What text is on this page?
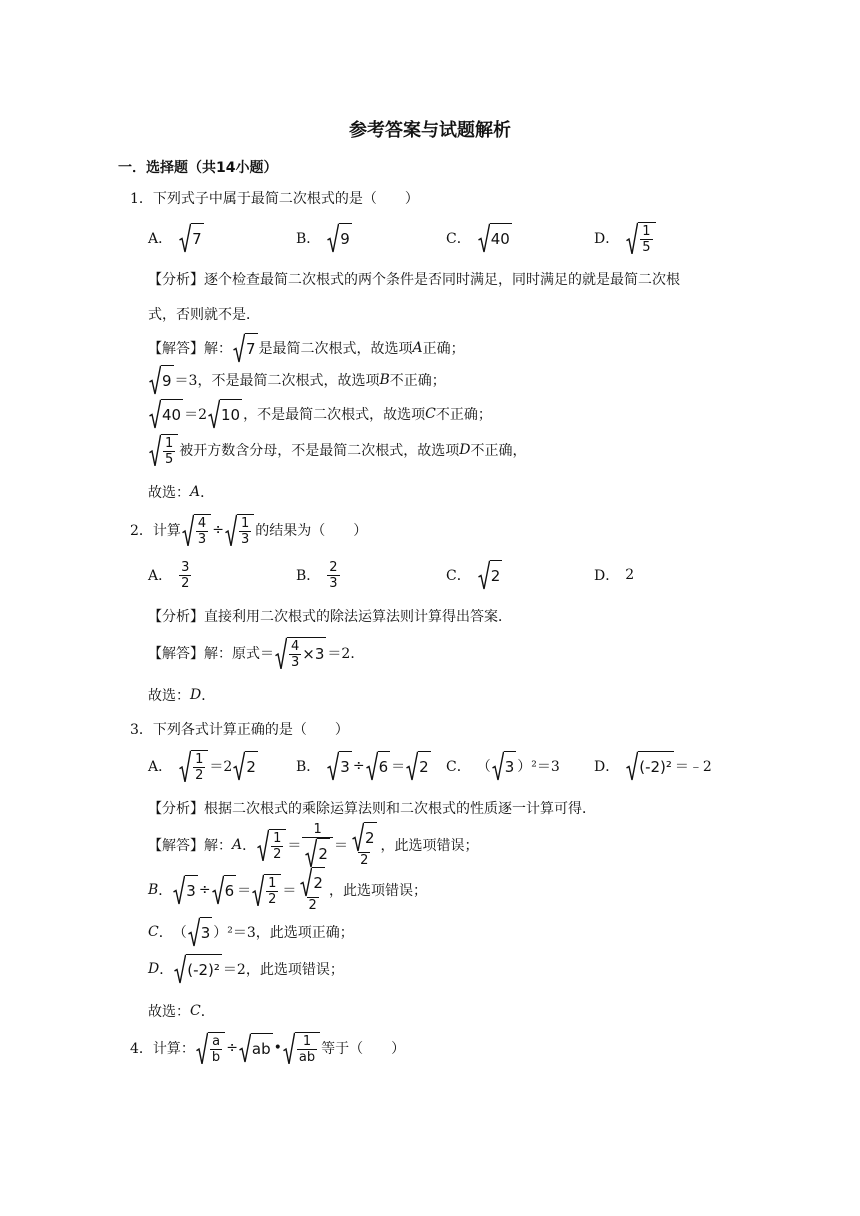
参考答案与试题解析
一．选择题（共14小题）
1．下列式子中属于最简二次根式的是（　　）
A． 7	B． 9	C． 40	D． 1
5
【分析】逐个检查最简二次根式的两个条件是否同时满足，同时满足的就是最简二次根
式，否则就不是．
【解答】解： 7 是最简二次根式，故选项 A 正确；
9 ＝3，不是最简二次根式，故选项 B 不正确；
40 ＝2 10 ，不是最简二次根式，故选项 C 不正确；
1
5 被开方数含分母，不是最简二次根式，故选项 D 不正确，
故选： A ．
2．计算 4
3
÷ 1
3 的结果为（　　）
A．
3
2	B．
2
3	C． 2	D． 2
【分析】直接利用二次根式的除法运算法则计算得出答案．
【解答】解：原式＝ $\frac{4}{3} \times 3 =2$．
故选： D ．
3．下列各式计算正确的是（　　）
A． 1
2 ＝2 2	B． 3 ÷ 6 ＝ 2 C． （ 3 ） ²＝3 D． (-2)² ＝﹣2
【分析】根据二次根式的乘除运算法则和二次根式的性质逐一计算可得．
【解答】解： A ． 1
2 ＝
1
2 ＝ 2
2
，此选项错误；
B ． 3 ÷ 6 ＝ 1
2 ＝ 2
2
，此选项错误；
C ． （ 3 ） ²＝3 ，此选项正确；
D ． (-2)² ＝2 ，此选项错误；
故选： C ．
4．计算： a
b
÷ ab • 1
ab 等于（　　）
